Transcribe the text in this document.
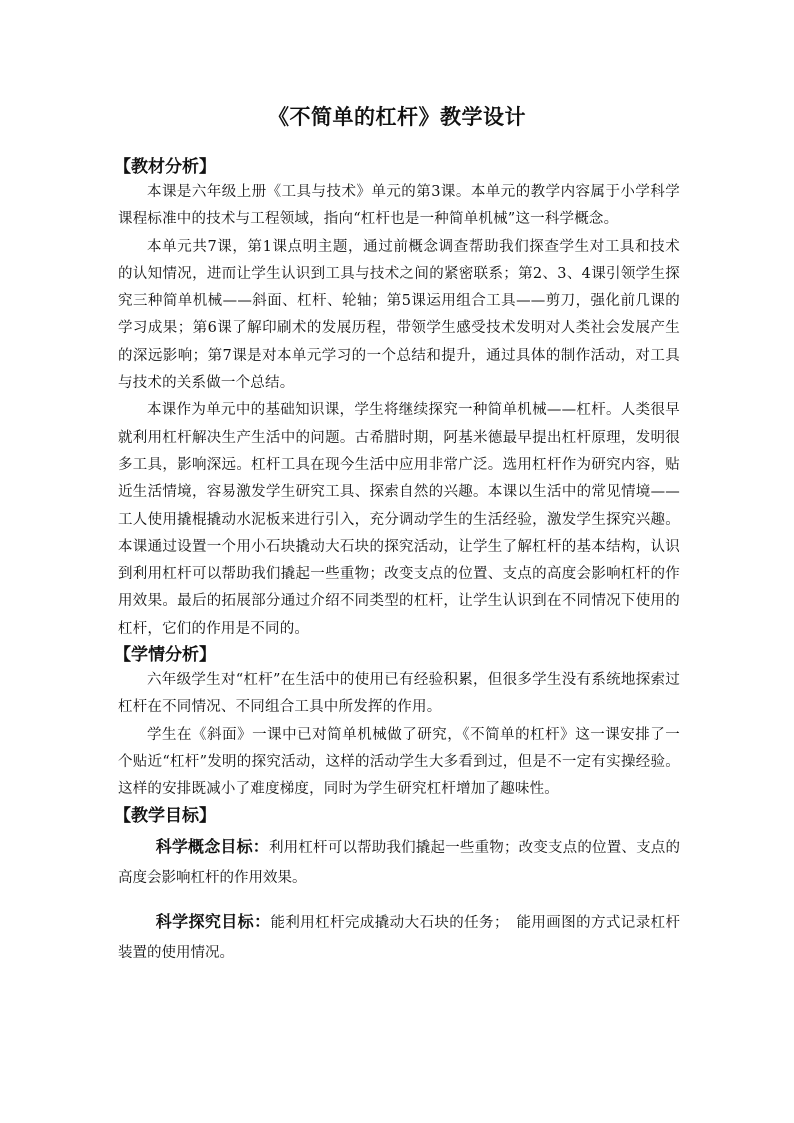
《不简单的杠杆》教学设计
【教材分析】

本课是六年级上册《工具与技术》单元的第3课。本单元的教学内容属于小学科学课程标准中的技术与工程领域，指向“杠杆也是一种简单机械”这一科学概念。

本单元共7课，第1课点明主题，通过前概念调查帮助我们探查学生对工具和技术的认知情况，进而让学生认识到工具与技术之间的紧密联系；第2、3、4课引领学生探究三种简单机械——斜面、杠杆、轮轴；第5课运用组合工具——剪刀，强化前几课的学习成果；第6课了解印刷术的发展历程，带领学生感受技术发明对人类社会发展产生的深远影响；第7课是对本单元学习的一个总结和提升，通过具体的制作活动，对工具与技术的关系做一个总结。

本课作为单元中的基础知识课，学生将继续探究一种简单机械——杠杆。人类很早就利用杠杆解决生产生活中的问题。古希腊时期，阿基米德最早提出杠杆原理，发明很多工具，影响深远。杠杆工具在现今生活中应用非常广泛。选用杠杆作为研究内容，贴近生活情境，容易激发学生研究工具、探索自然的兴趣。本课以生活中的常见情境——工人使用撬棍撬动水泥板来进行引入，充分调动学生的生活经验，激发学生探究兴趣。本课通过设置一个用小石块撬动大石块的探究活动，让学生了解杠杆的基本结构，认识到利用杠杆可以帮助我们撬起一些重物；改变支点的位置、支点的高度会影响杠杆的作用效果。最后的拓展部分通过介绍不同类型的杠杆，让学生认识到在不同情况下使用的杠杆，它们的作用是不同的。

【学情分析】

六年级学生对“杠杆”在生活中的使用已有经验积累，但很多学生没有系统地探索过杠杆在不同情况、不同组合工具中所发挥的作用。

学生在《斜面》一课中已对简单机械做了研究，《不简单的杠杆》这一课安排了一个贴近“杠杆”发明的探究活动，这样的活动学生大多看到过，但是不一定有实操经验。这样的安排既减小了难度梯度，同时为学生研究杠杆增加了趣味性。

【教学目标】

科学概念目标：利用杠杆可以帮助我们撬起一些重物；改变支点的位置、支点的高度会影响杠杆的作用效果。

科学探究目标：能利用杠杆完成撬动大石块的任务；　能用画图的方式记录杠杆装置的使用情况。
